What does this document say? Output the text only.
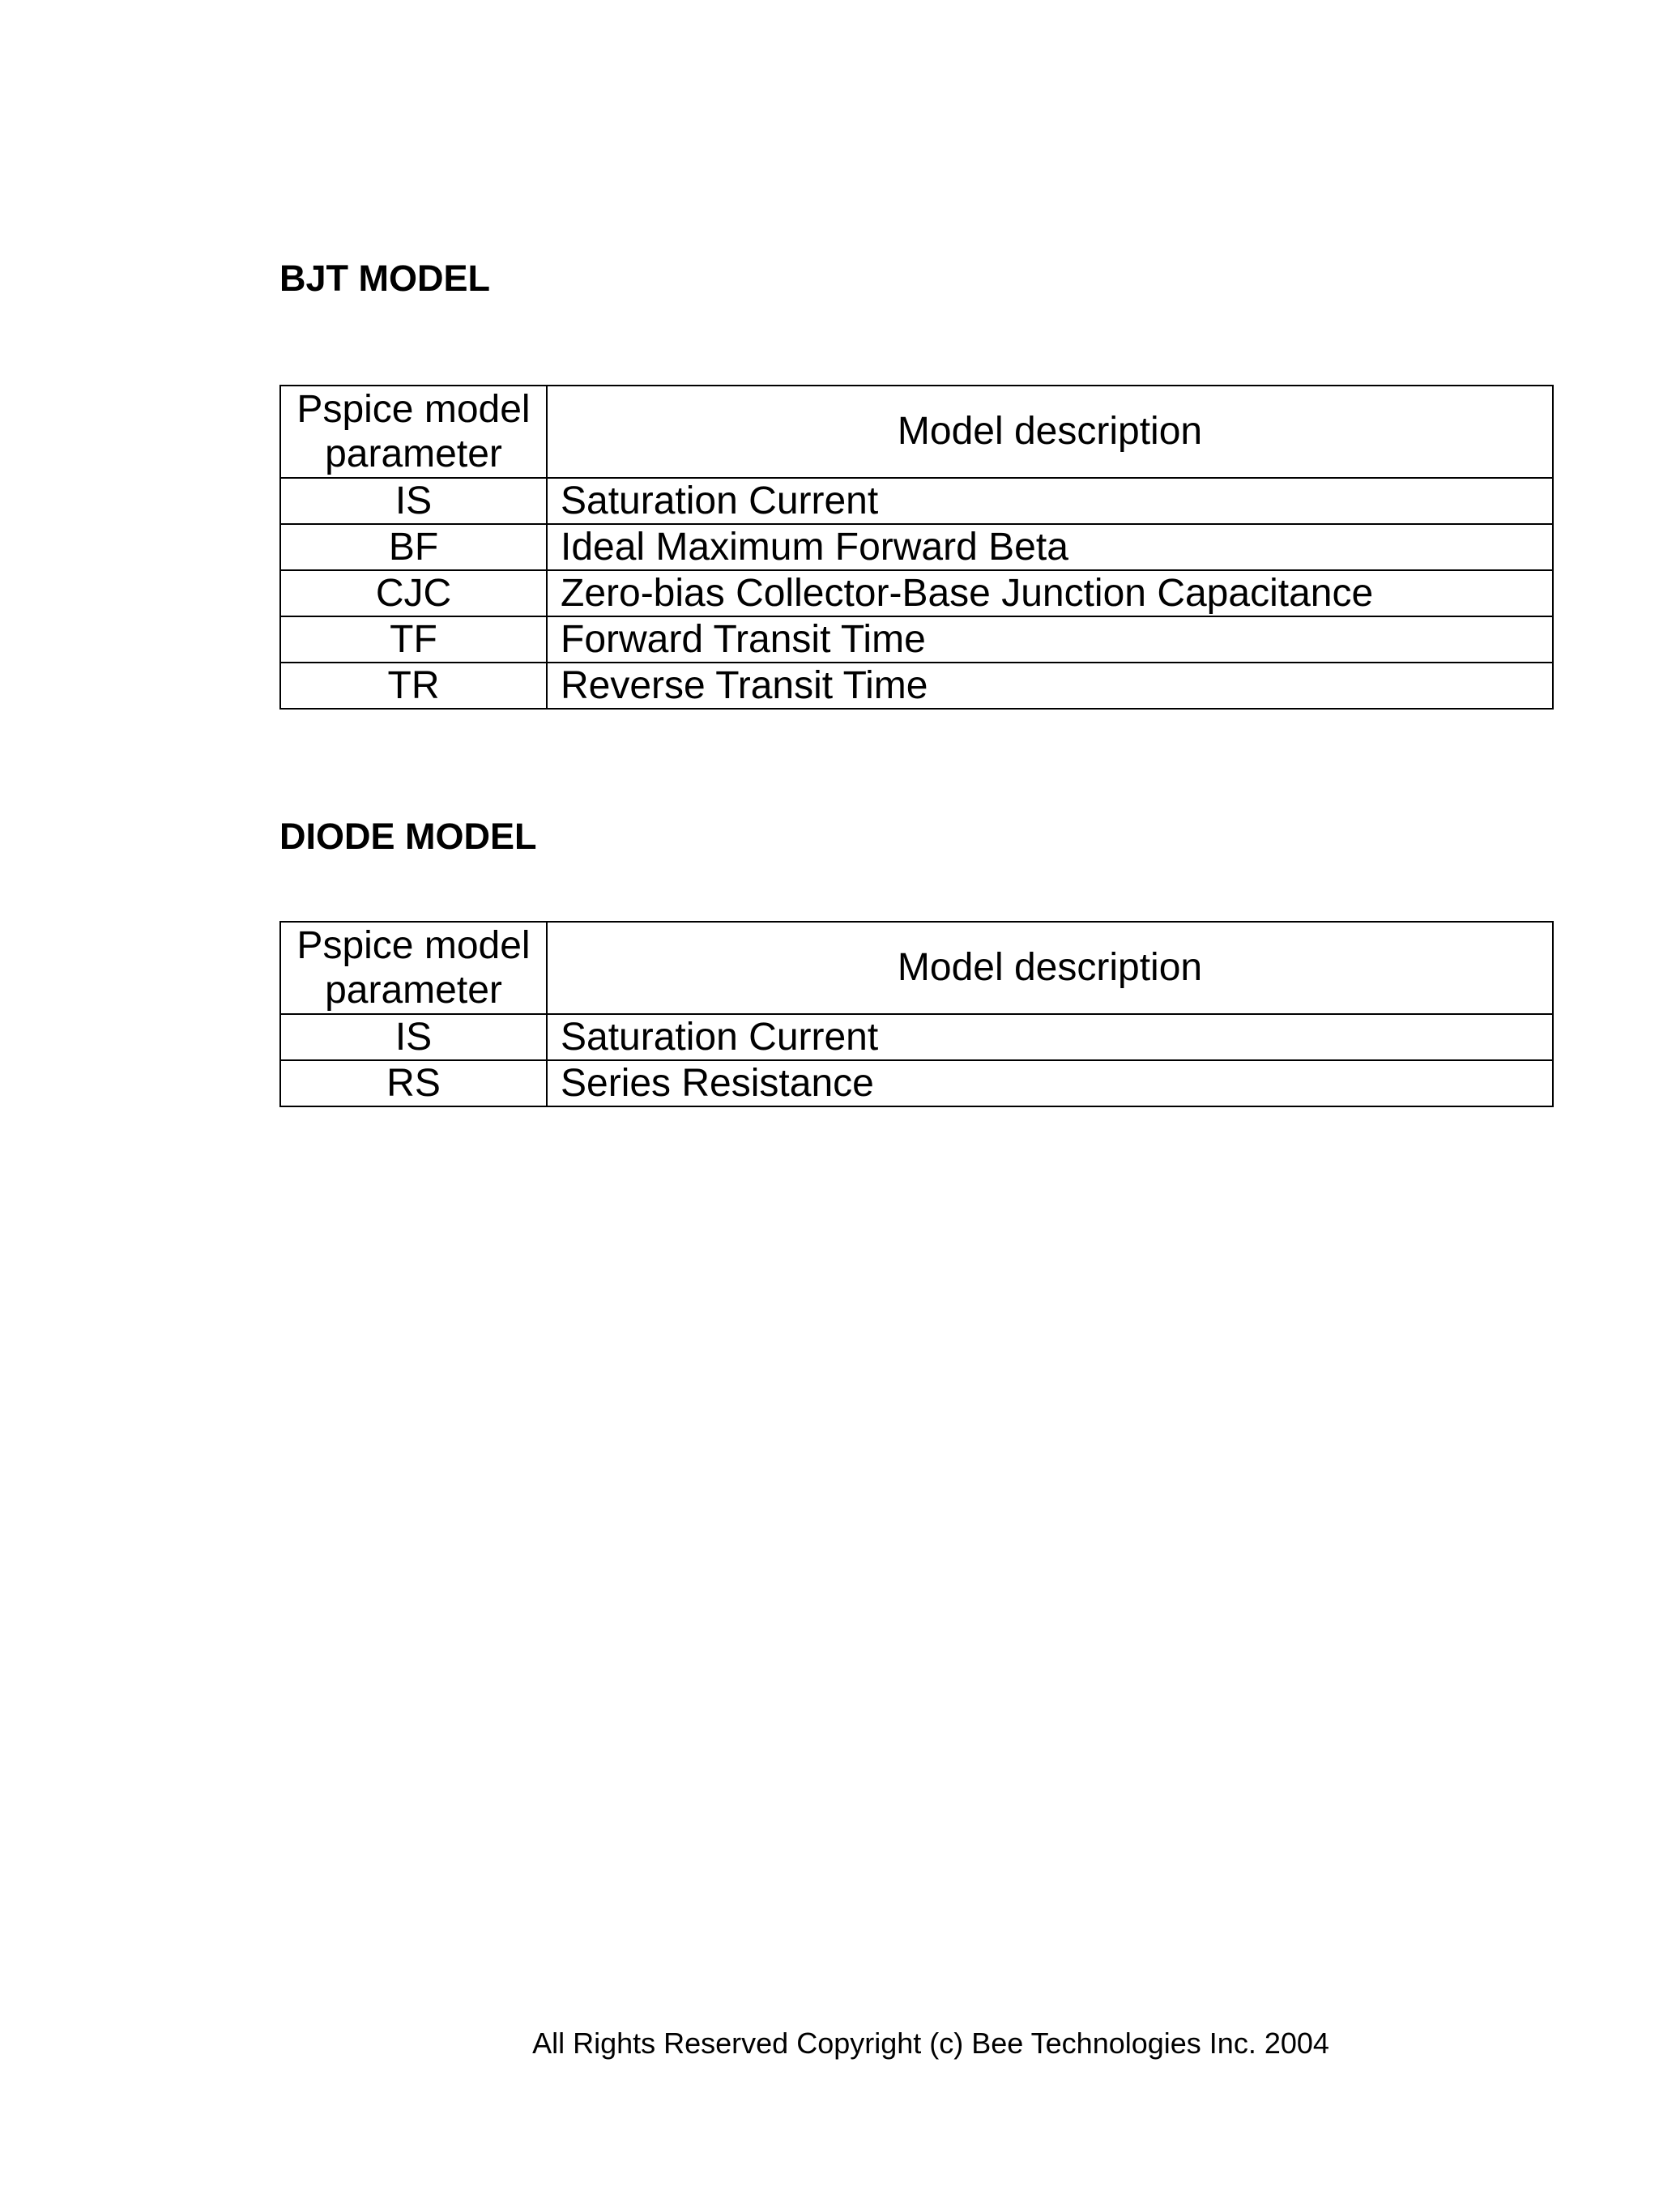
BJT MODEL
Pspice model parameter	Model description
IS	Saturation Current
BF	Ideal Maximum Forward Beta
CJC	Zero-bias Collector-Base Junction Capacitance
TF	Forward Transit Time
TR	Reverse Transit Time
DIODE MODEL
Pspice model parameter	Model description
IS	Saturation Current
RS	Series Resistance

All Rights Reserved Copyright (c) Bee Technologies Inc. 2004
